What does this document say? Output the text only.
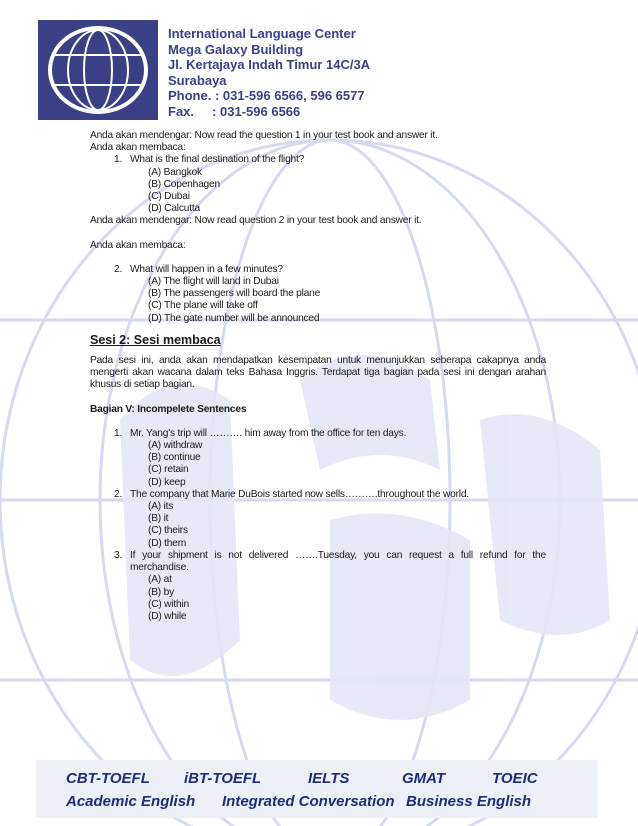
International Language Center
Mega Galaxy Building
Jl. Kertajaya Indah Timur 14C/3A
Surabaya
Phone. : 031-596 6566, 596 6577
Fax.     : 031-596 6566
Anda akan mendengar: Now read the question 1 in your test book and answer it.
Anda akan membaca:
1. What is the final destination of the flight?
(A) Bangkok
(B) Copenhagen
(C) Dubai
(D) Calcutta
Anda akan mendengar: Now read question 2 in your test book and answer it.
Anda akan membaca:
2. What will happen in a few minutes?
(A) The flight will land in Dubai
(B) The passengers will board the plane
(C) The plane will take off
(D) The gate number will be announced
Sesi 2: Sesi membaca
Pada sesi ini, anda akan mendapatkan kesempatan untuk menunjukkan seberapa cakapnya anda mengerti akan wacana dalam teks Bahasa Inggris. Terdapat tiga bagian pada sesi ini dengan arahan khusus di setiap bagian.
Bagian V: Incompelete Sentences
1. Mr. Yang's trip will ………. him away from the office for ten days.
(A) withdraw
(B) continue
(C) retain
(D) keep
2. The company that Marie DuBois started now sells……….throughout the world.
(A) its
(B) it
(C) theirs
(D) them
3. If your shipment is not delivered …….Tuesday, you can request a full refund for the merchandise.
(A) at
(B) by
(C) within
(D) while
CBT-TOEFL iBT-TOEFL	IELTS	GMAT	TOEIC
Academic English Integrated Conversation Business English
